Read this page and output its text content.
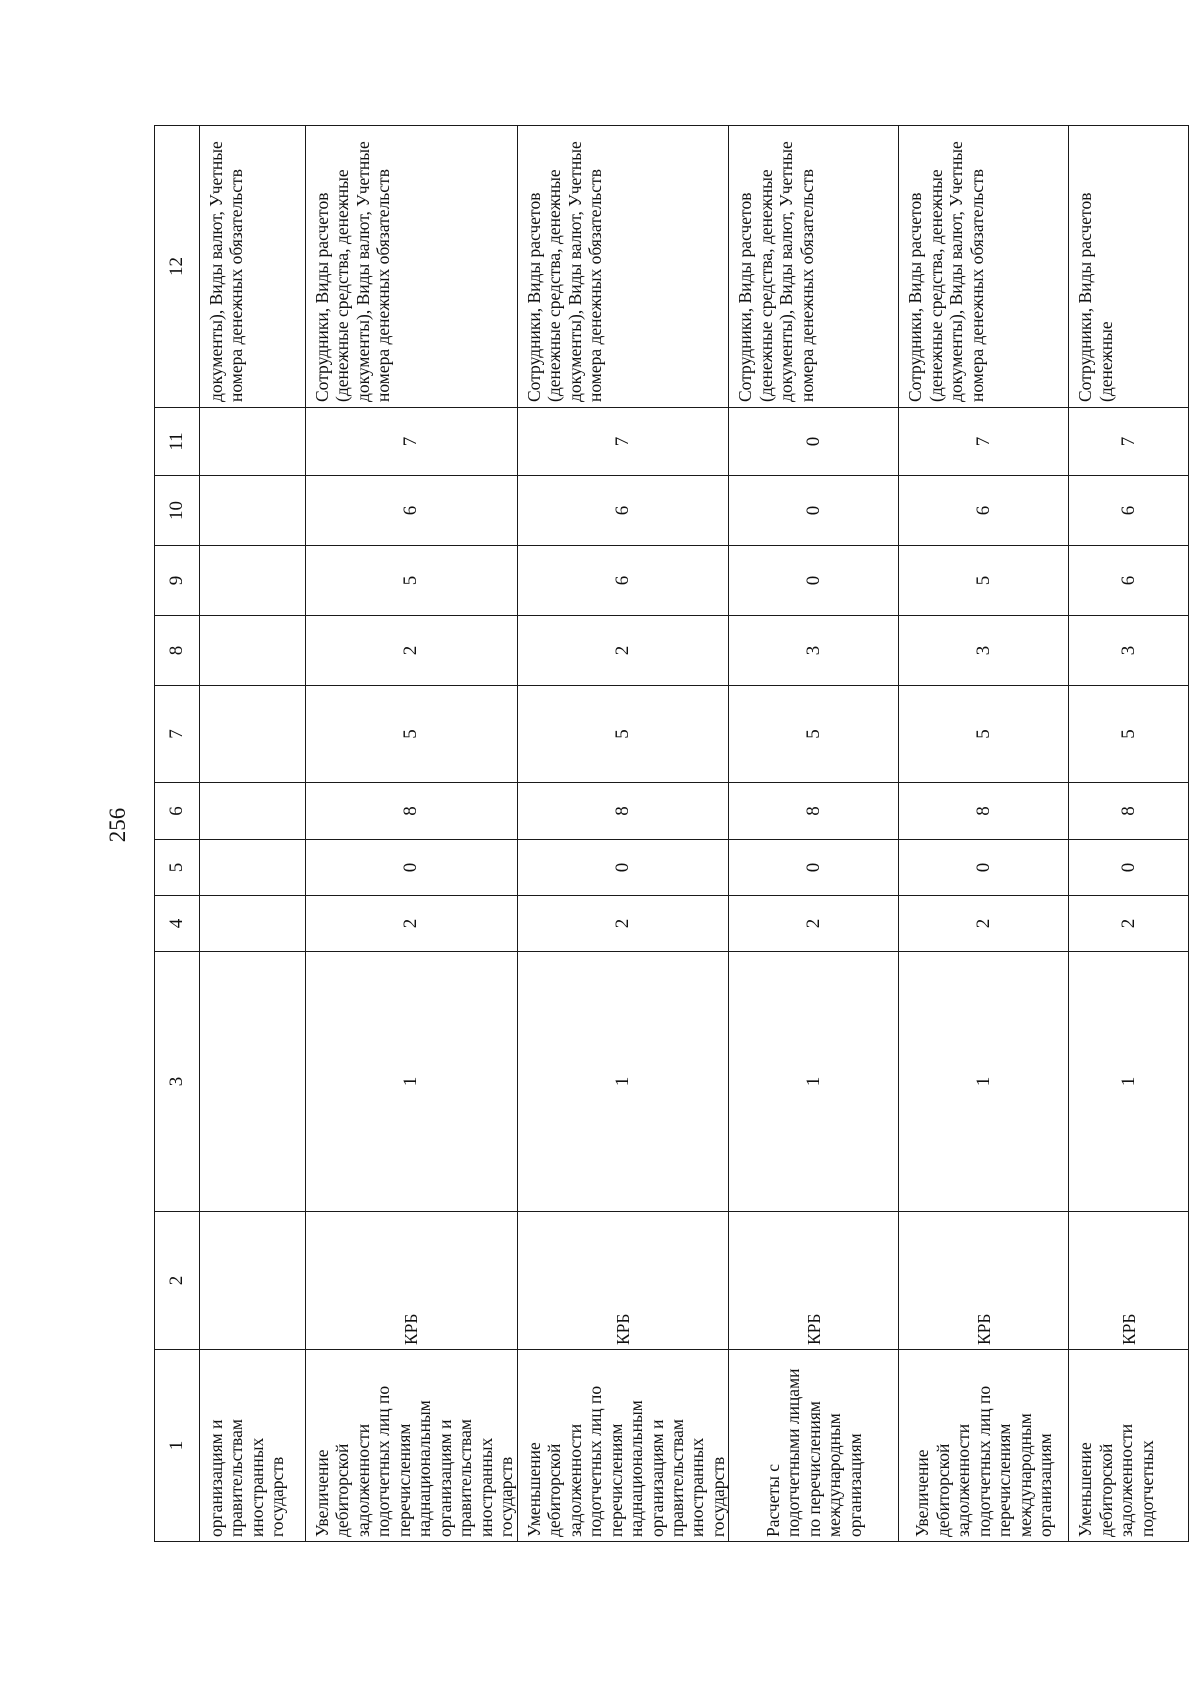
256
1	2	3	4	5	6	7	8	9	10	11	12
организациям и правительствам иностранных государств											документы), Виды валют, Учетные номера денежных обязательств
Увеличение дебиторской задолженности подотчетных лиц по перечислениям наднациональным организациям и правительствам иностранных государств	КРБ	1	2	0	8	5	2	5	6	7	Сотрудники, Виды расчетов (денежные средства, денежные документы), Виды валют, Учетные номера денежных обязательств
Уменьшение дебиторской задолженности подотчетных лиц по перечислениям наднациональным организациям и правительствам иностранных государств	КРБ	1	2	0	8	5	2	6	6	7	Сотрудники, Виды расчетов (денежные средства, денежные документы), Виды валют, Учетные номера денежных обязательств
Расчеты с подотчетными лицами по перечислениям международным организациям	КРБ	1	2	0	8	5	3	0	0	0	Сотрудники, Виды расчетов (денежные средства, денежные документы), Виды валют, Учетные номера денежных обязательств
Увеличение дебиторской задолженности подотчетных лиц по перечислениям международным организациям	КРБ	1	2	0	8	5	3	5	6	7	Сотрудники, Виды расчетов (денежные средства, денежные документы), Виды валют, Учетные номера денежных обязательств
Уменьшение дебиторской задолженности подотчетных	КРБ	1	2	0	8	5	3	6	6	7	Сотрудники, Виды расчетов (денежные
